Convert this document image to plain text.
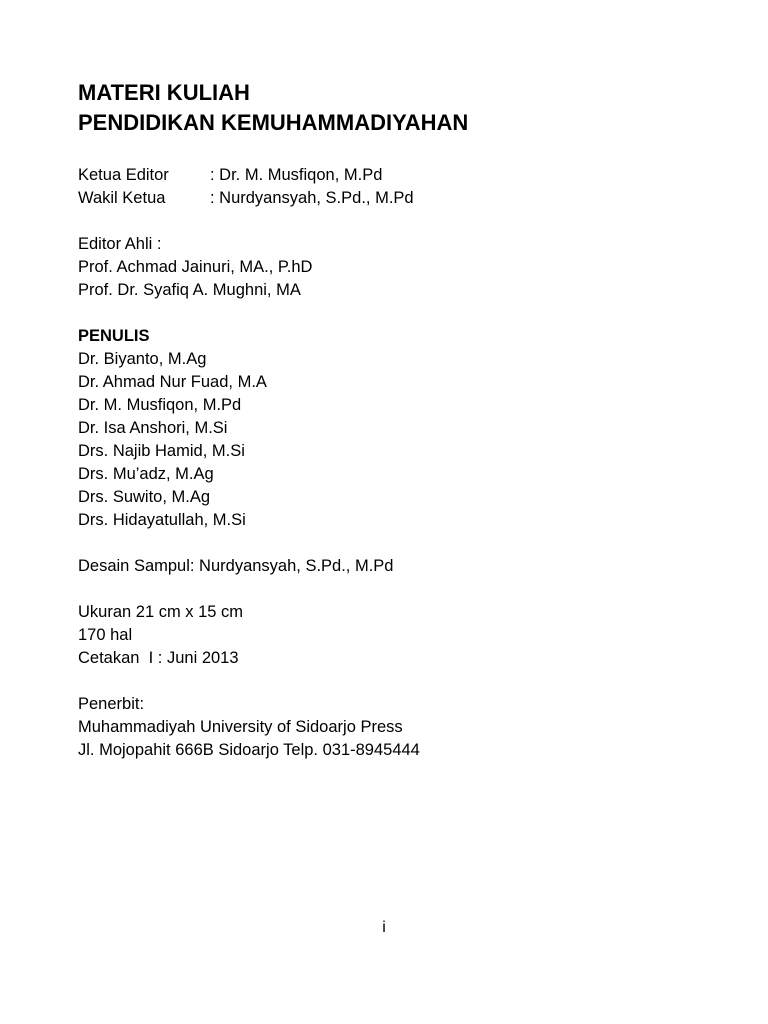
MATERI KULIAH

PENDIDIKAN KEMUHAMMADIYAHAN

Ketua Editor	: Dr. M. Musfiqon, M.Pd
Wakil Ketua	: Nurdyansyah, S.Pd., M.Pd

Editor Ahli :

Prof. Achmad Jainuri, MA., P.hD

Prof. Dr. Syafiq A. Mughni, MA

PENULIS

Dr. Biyanto, M.Ag

Dr. Ahmad Nur Fuad, M.A

Dr. M. Musfiqon, M.Pd

Dr. Isa Anshori, M.Si

Drs. Najib Hamid, M.Si

Drs. Mu’adz, M.Ag

Drs. Suwito, M.Ag

Drs. Hidayatullah, M.Si

Desain Sampul: Nurdyansyah, S.Pd., M.Pd

Ukuran 21 cm x 15 cm

170 hal

Cetakan  I : Juni 2013

Penerbit:

Muhammadiyah University of Sidoarjo Press

Jl. Mojopahit 666B Sidoarjo Telp. 031-8945444

i
